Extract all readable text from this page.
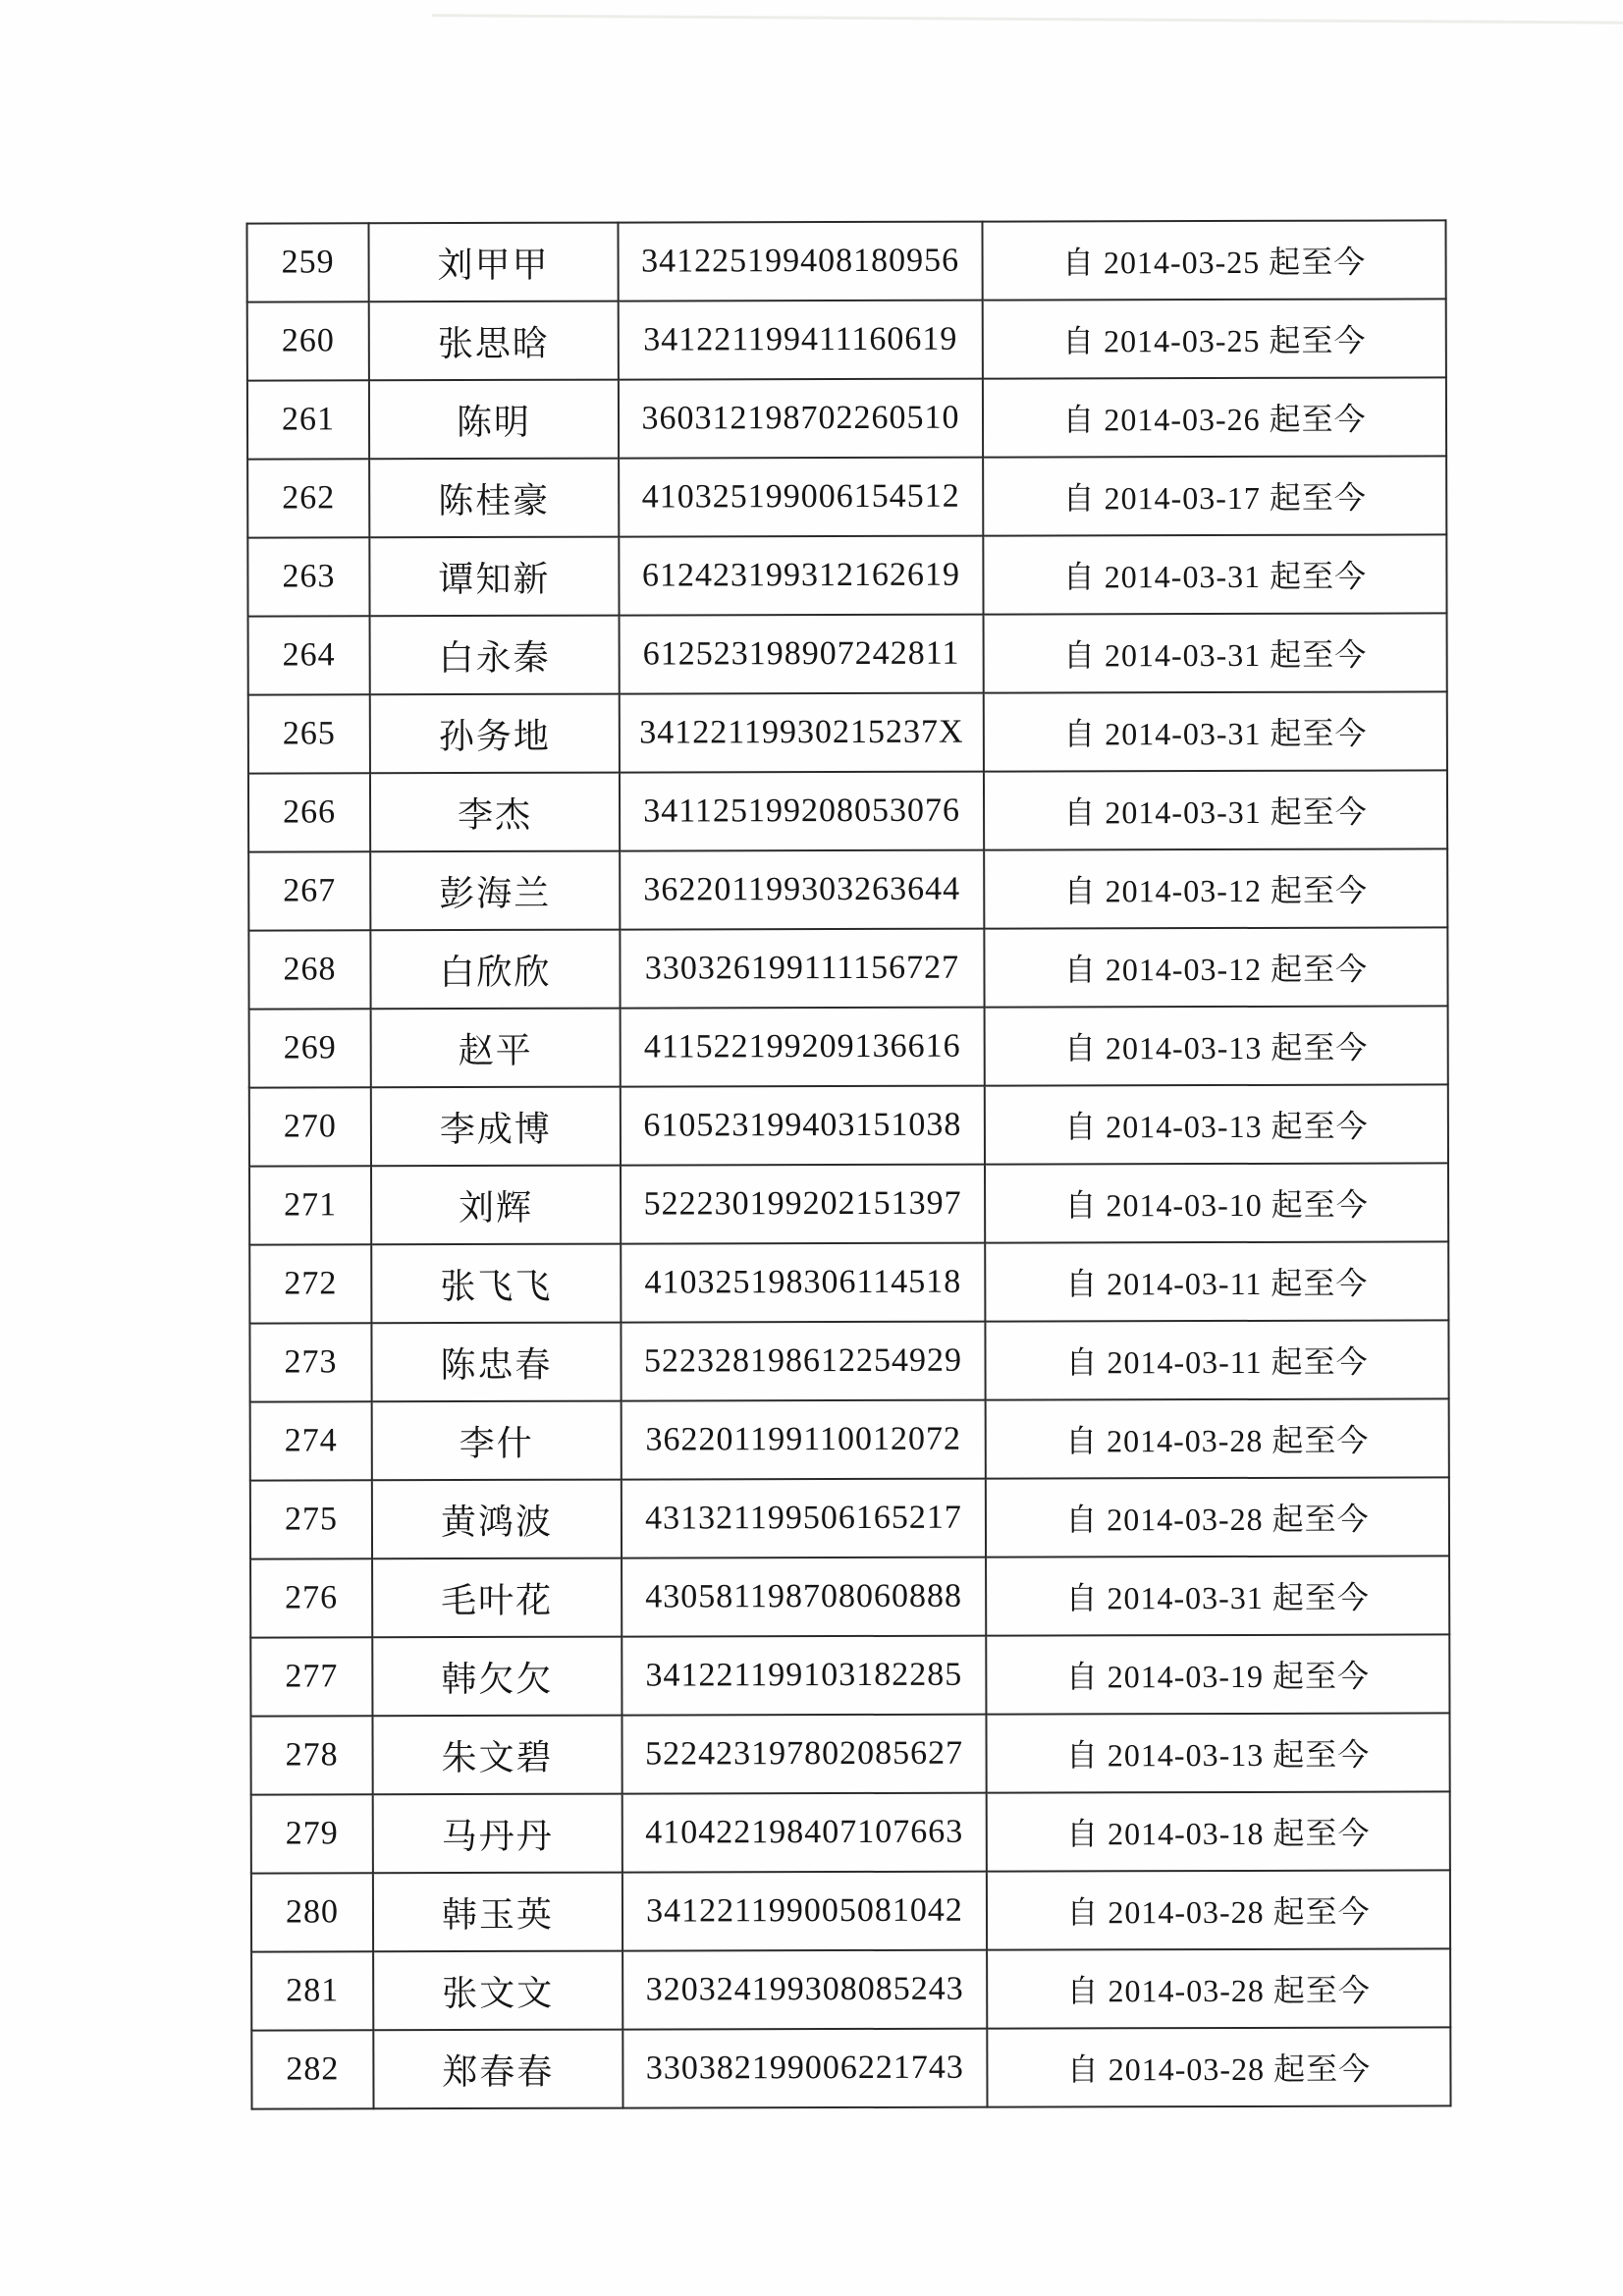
259	刘甲甲	341225199408180956	自 2014-03-25 起至今
260	张思晗	341221199411160619	自 2014-03-25 起至今
261	陈明	360312198702260510	自 2014-03-26 起至今
262	陈桂豪	410325199006154512	自 2014-03-17 起至今
263	谭知新	612423199312162619	自 2014-03-31 起至今
264	白永秦	612523198907242811	自 2014-03-31 起至今
265	孙务地	34122119930215237X	自 2014-03-31 起至今
266	李杰	341125199208053076	自 2014-03-31 起至今
267	彭海兰	362201199303263644	自 2014-03-12 起至今
268	白欣欣	330326199111156727	自 2014-03-12 起至今
269	赵平	411522199209136616	自 2014-03-13 起至今
270	李成博	610523199403151038	自 2014-03-13 起至今
271	刘辉	522230199202151397	自 2014-03-10 起至今
272	张飞飞	410325198306114518	自 2014-03-11 起至今
273	陈忠春	522328198612254929	自 2014-03-11 起至今
274	李什	362201199110012072	自 2014-03-28 起至今
275	黄鸿波	431321199506165217	自 2014-03-28 起至今
276	毛叶花	430581198708060888	自 2014-03-31 起至今
277	韩欠欠	341221199103182285	自 2014-03-19 起至今
278	朱文碧	522423197802085627	自 2014-03-13 起至今
279	马丹丹	410422198407107663	自 2014-03-18 起至今
280	韩玉英	341221199005081042	自 2014-03-28 起至今
281	张文文	320324199308085243	自 2014-03-28 起至今
282	郑春春	330382199006221743	自 2014-03-28 起至今
